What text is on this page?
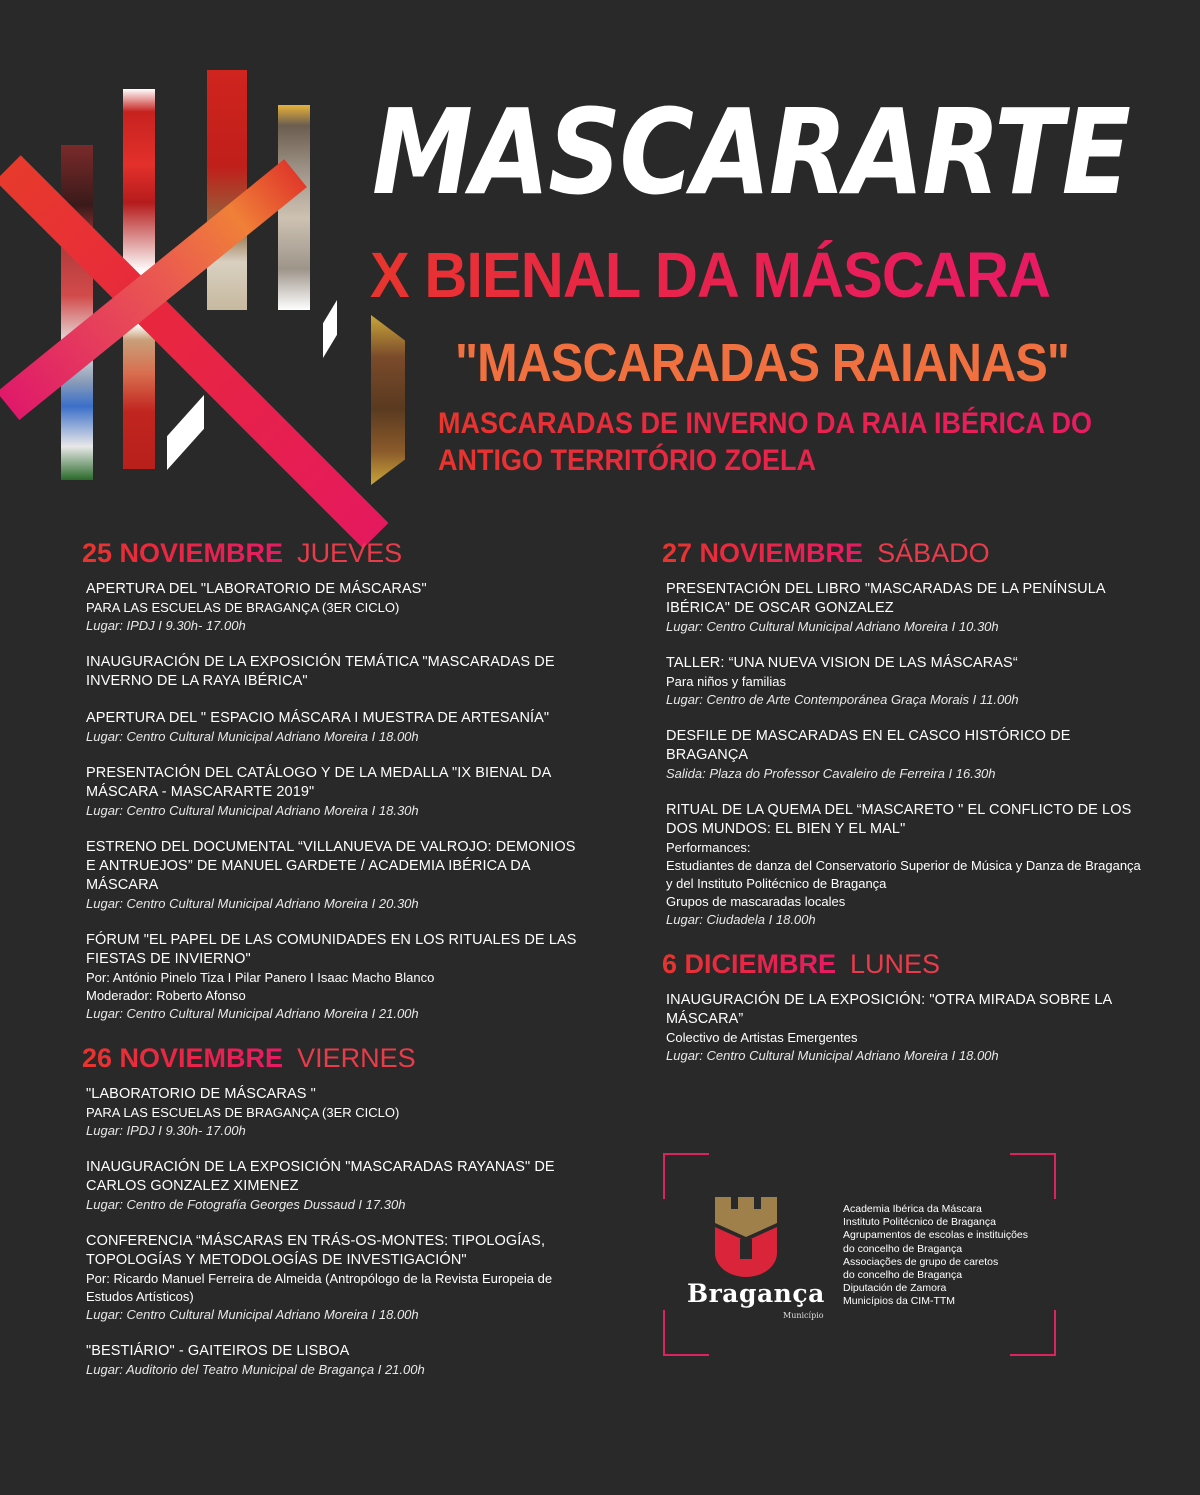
MASCARARTE
X BIENAL DA MÁSCARA
"MASCARADAS RAIANAS"
MASCARADAS DE INVERNO DA RAIA IBÉRICA DO
ANTIGO TERRITÓRIO ZOELA
25 NOVIEMBRE JUEVES
APERTURA DEL "LABORATORIO DE MÁSCARAS"
PARA LAS ESCUELAS DE BRAGANÇA (3ER CICLO)
Lugar: IPDJ I 9.30h- 17.00h
INAUGURACIÓN DE LA EXPOSICIÓN TEMÁTICA "MASCARADAS DE INVERNO DE LA RAYA IBÉRICA"
APERTURA DEL " ESPACIO MÁSCARA I MUESTRA DE ARTESANÍA"
Lugar: Centro Cultural Municipal Adriano Moreira I 18.00h
PRESENTACIÓN DEL CATÁLOGO Y DE LA MEDALLA "IX BIENAL DA MÁSCARA - MASCARARTE 2019"
Lugar: Centro Cultural Municipal Adriano Moreira I 18.30h
ESTRENO DEL DOCUMENTAL “VILLANUEVA DE VALROJO: DEMONIOS E ANTRUEJOS” DE MANUEL GARDETE / ACADEMIA IBÉRICA DA MÁSCARA
Lugar: Centro Cultural Municipal Adriano Moreira I 20.30h
FÓRUM "EL PAPEL DE LAS COMUNIDADES EN LOS RITUALES DE LAS FIESTAS DE INVIERNO"
Por: António Pinelo Tiza I Pilar Panero I Isaac Macho Blanco
Moderador: Roberto Afonso
Lugar: Centro Cultural Municipal Adriano Moreira I 21.00h
26 NOVIEMBRE VIERNES
"LABORATORIO DE MÁSCARAS "
PARA LAS ESCUELAS DE BRAGANÇA (3ER CICLO)
Lugar: IPDJ I 9.30h- 17.00h
INAUGURACIÓN DE LA EXPOSICIÓN "MASCARADAS RAYANAS" DE CARLOS GONZALEZ XIMENEZ
Lugar: Centro de Fotografía Georges Dussaud I 17.30h
CONFERENCIA “MÁSCARAS EN TRÁS-OS-MONTES: TIPOLOGÍAS, TOPOLOGÍAS Y METODOLOGÍAS DE INVESTIGACIÓN"
Por: Ricardo Manuel Ferreira de Almeida (Antropólogo de la Revista Europeia de Estudos Artísticos)
Lugar: Centro Cultural Municipal Adriano Moreira I 18.00h
"BESTIÁRIO" - GAITEIROS DE LISBOA
Lugar: Auditorio del Teatro Municipal de Bragança I 21.00h
27 NOVIEMBRE SÁBADO
PRESENTACIÓN DEL LIBRO "MASCARADAS DE LA PENÍNSULA IBÉRICA" DE OSCAR GONZALEZ
Lugar: Centro Cultural Municipal Adriano Moreira I 10.30h
TALLER: “UNA NUEVA VISION DE LAS MÁSCARAS“
Para niños y familias
Lugar: Centro de Arte Contemporánea Graça Morais I 11.00h
DESFILE DE MASCARADAS EN EL CASCO HISTÓRICO DE BRAGANÇA
Salida: Plaza do Professor Cavaleiro de Ferreira I 16.30h
RITUAL DE LA QUEMA DEL “MASCARETO " EL CONFLICTO DE LOS DOS MUNDOS: EL BIEN Y EL MAL"
Performances:
Estudiantes de danza del Conservatorio Superior de Música y Danza de Bragança y del Instituto Politécnico de Bragança
Grupos de mascaradas locales
Lugar: Ciudadela I 18.00h
6 DICIEMBRE LUNES
INAUGURACIÓN DE LA EXPOSICIÓN: "OTRA MIRADA SOBRE LA MÁSCARA”
Colectivo de Artistas Emergentes
Lugar: Centro Cultural Municipal Adriano Moreira I 18.00h
Bragança
Município
Academia Ibérica da Máscara
Instituto Politécnico de Bragança
Agrupamentos de escolas e instituições
do concelho de Bragança
Associações de grupo de caretos
do concelho de Bragança
Diputación de Zamora
Municípios da CIM-TTM
